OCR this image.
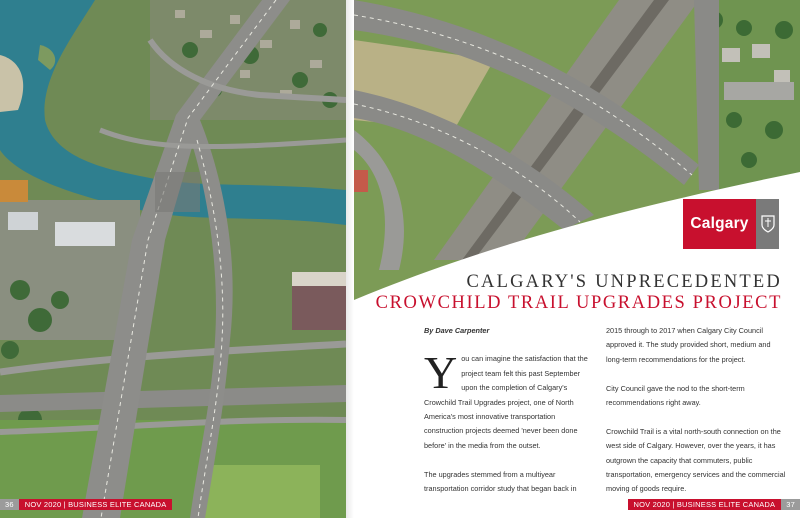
36	NOV 2020 | BUSINESS ELITE CANADA
Calgary
CALGARY'S UNPRECEDENTED
CROWCHILD TRAIL UPGRADES PROJECT
By Dave Carpenter

You can imagine the satisfaction that the project team felt this past September upon the completion of Calgary's Crowchild Trail Upgrades project, one of North America's most innovative transportation construction projects deemed 'never been done before' in the media from the outset.

The upgrades stemmed from a multiyear transportation corridor study that began back in

2015 through to 2017 when Calgary City Council approved it. The study provided short, medium and long-term recommendations for the project.

City Council gave the nod to the short-term recommendations right away.

Crowchild Trail is a vital north-south connection on the west side of Calgary. However, over the years, it has outgrown the capacity that commuters, public transportation, emergency services and the commercial moving of goods require.

NOV 2020 | BUSINESS ELITE CANADA	37
